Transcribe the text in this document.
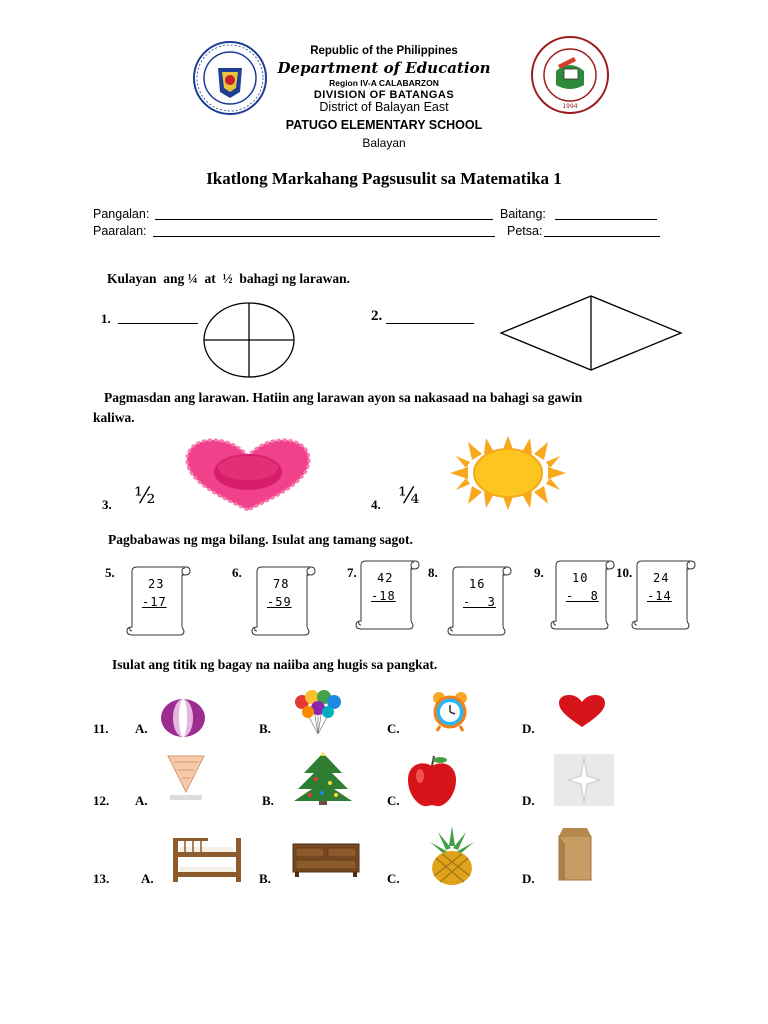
1994
Republic of the Philippines
Department of Education
Region IV-A CALABARZON
DIVISION OF BATANGAS
District of Balayan East
PATUGO ELEMENTARY SCHOOL
Balayan
Ikatlong Markahang Pagsusulit sa Matematika 1
Pangalan:	Baitang:
Paaralan:	Petsa:
Kulayan  ang ¼  at  ½  bahagi ng larawan.
1.	2.
Pagmasdan ang larawan. Hatiin ang larawan ayon sa nakasaad na bahagi sa gawin
kaliwa.
3. ½	4. ¼
Pagbabawas ng mga bilang. Isulat ang tamang sagot.
5.
23
-17
6.
78
-59
7. 42
-18
8.
16
-  3
9. 10
-  8
10. 24
-14
Isulat ang titik ng bagay na naiiba ang hugis sa pangkat.
11. A.	B.	C.	D.
12. A.	B.	C.	D.
13. A.	B.	C.	D.
